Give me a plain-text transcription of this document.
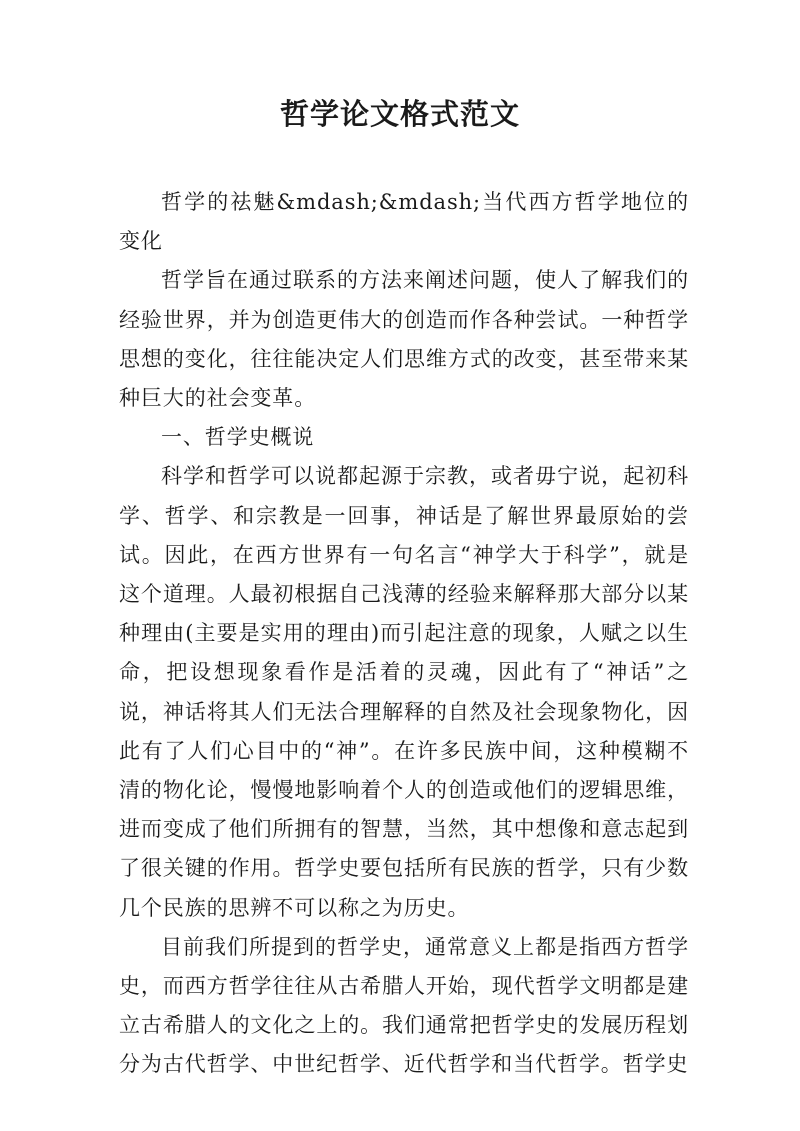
哲学论文格式范文

哲学的祛魅&mdash;&mdash;当代西方哲学地位的变化

哲学旨在通过联系的方法来阐述问题，使人了解我们的经验世界，并为创造更伟大的创造而作各种尝试。一种哲学思想的变化，往往能决定人们思维方式的改变，甚至带来某种巨大的社会变革。

一、哲学史概说

科学和哲学可以说都起源于宗教，或者毋宁说，起初科学、哲学、和宗教是一回事，神话是了解世界最原始的尝试。因此，在西方世界有一句名言“神学大于科学”，就是这个道理。人最初根据自己浅薄的经验来解释那大部分以某种理由(主要是实用的理由)而引起注意的现象，人赋之以生命，把设想现象看作是活着的灵魂，因此有了“神话”之说，神话将其人们无法合理解释的自然及社会现象物化，因此有了人们心目中的“神”。在许多民族中间，这种模糊不清的物化论，慢慢地影响着个人的创造或他们的逻辑思维，进而变成了他们所拥有的智慧，当然，其中想像和意志起到了很关键的作用。哲学史要包括所有民族的哲学，只有少数几个民族的思辨不可以称之为历史。

目前我们所提到的哲学史，通常意义上都是指西方哲学史，而西方哲学往往从古希腊人开始，现代哲学文明都是建立古希腊人的文化之上的。我们通常把哲学史的发展历程划分为古代哲学、中世纪哲学、近代哲学和当代哲学。哲学史
